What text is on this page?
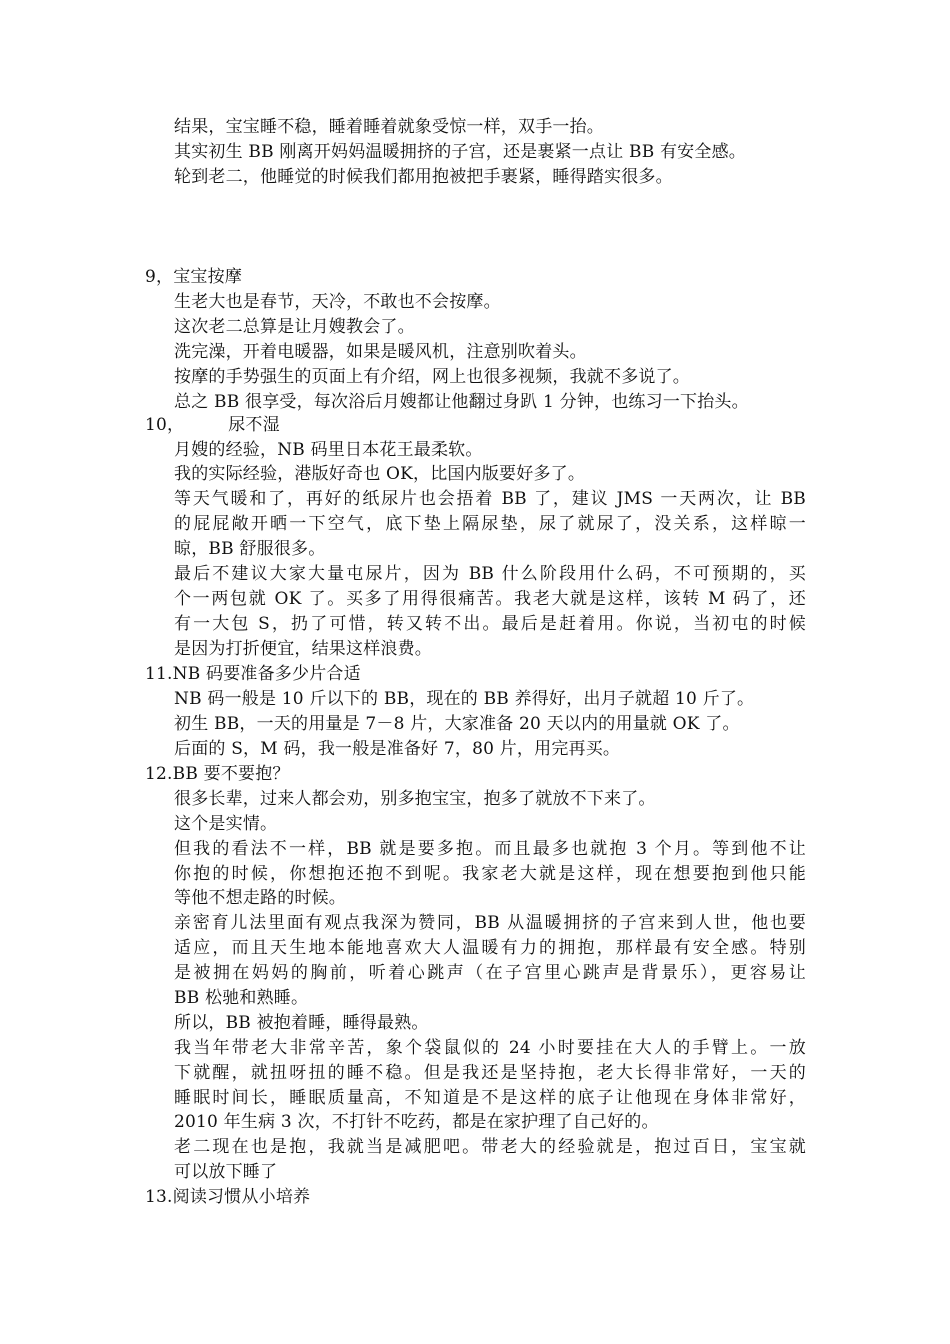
结果，宝宝睡不稳，睡着睡着就象受惊一样，双手一抬。
其实初生 BB 刚离开妈妈温暖拥挤的子宫，还是裹紧一点让 BB 有安全感。
轮到老二，他睡觉的时候我们都用抱被把手裹紧，睡得踏实很多。
9，宝宝按摩
生老大也是春节，天冷，不敢也不会按摩。
这次老二总算是让月嫂教会了。
洗完澡，开着电暖器，如果是暖风机，注意别吹着头。
按摩的手势强生的页面上有介绍，网上也很多视频，我就不多说了。
总之 BB 很享受，每次浴后月嫂都让他翻过身趴 1 分钟，也练习一下抬头。
10，	尿不湿
月嫂的经验，NB 码里日本花王最柔软。
我的实际经验，港版好奇也 OK，比国内版要好多了。
等天气暖和了，再好的纸尿片也会捂着 BB 了，建议 JMS 一天两次，让 BB
的屁屁敞开晒一下空气，底下垫上隔尿垫，尿了就尿了，没关系，这样晾一
晾，BB 舒服很多。
最后不建议大家大量屯尿片，因为 BB 什么阶段用什么码，不可预期的，买
个一两包就 OK 了。买多了用得很痛苦。我老大就是这样，该转 M 码了，还
有一大包 S，扔了可惜，转又转不出。最后是赶着用。你说，当初屯的时候
是因为打折便宜，结果这样浪费。
11.NB 码要准备多少片合适
NB 码一般是 10 斤以下的 BB，现在的 BB 养得好，出月子就超 10 斤了。
初生 BB，一天的用量是 7－8 片，大家准备 20 天以内的用量就 OK 了。
后面的 S，M 码，我一般是准备好 7，80 片，用完再买。
12.BB 要不要抱？
很多长辈，过来人都会劝，别多抱宝宝，抱多了就放不下来了。
这个是实情。
但我的看法不一样，BB 就是要多抱。而且最多也就抱 3 个月。等到他不让
你抱的时候，你想抱还抱不到呢。我家老大就是这样，现在想要抱到他只能
等他不想走路的时候。
亲密育儿法里面有观点我深为赞同，BB 从温暖拥挤的子宫来到人世，他也要
适应，而且天生地本能地喜欢大人温暖有力的拥抱，那样最有安全感。特别
是被拥在妈妈的胸前，听着心跳声（在子宫里心跳声是背景乐），更容易让
BB 松驰和熟睡。
所以，BB 被抱着睡，睡得最熟。
我当年带老大非常辛苦，象个袋鼠似的 24 小时要挂在大人的手臂上。一放
下就醒，就扭呀扭的睡不稳。但是我还是坚持抱，老大长得非常好，一天的
睡眠时间长，睡眠质量高，不知道是不是这样的底子让他现在身体非常好，
2010 年生病 3 次，不打针不吃药，都是在家护理了自己好的。
老二现在也是抱，我就当是减肥吧。带老大的经验就是，抱过百日，宝宝就
可以放下睡了
13.阅读习惯从小培养
